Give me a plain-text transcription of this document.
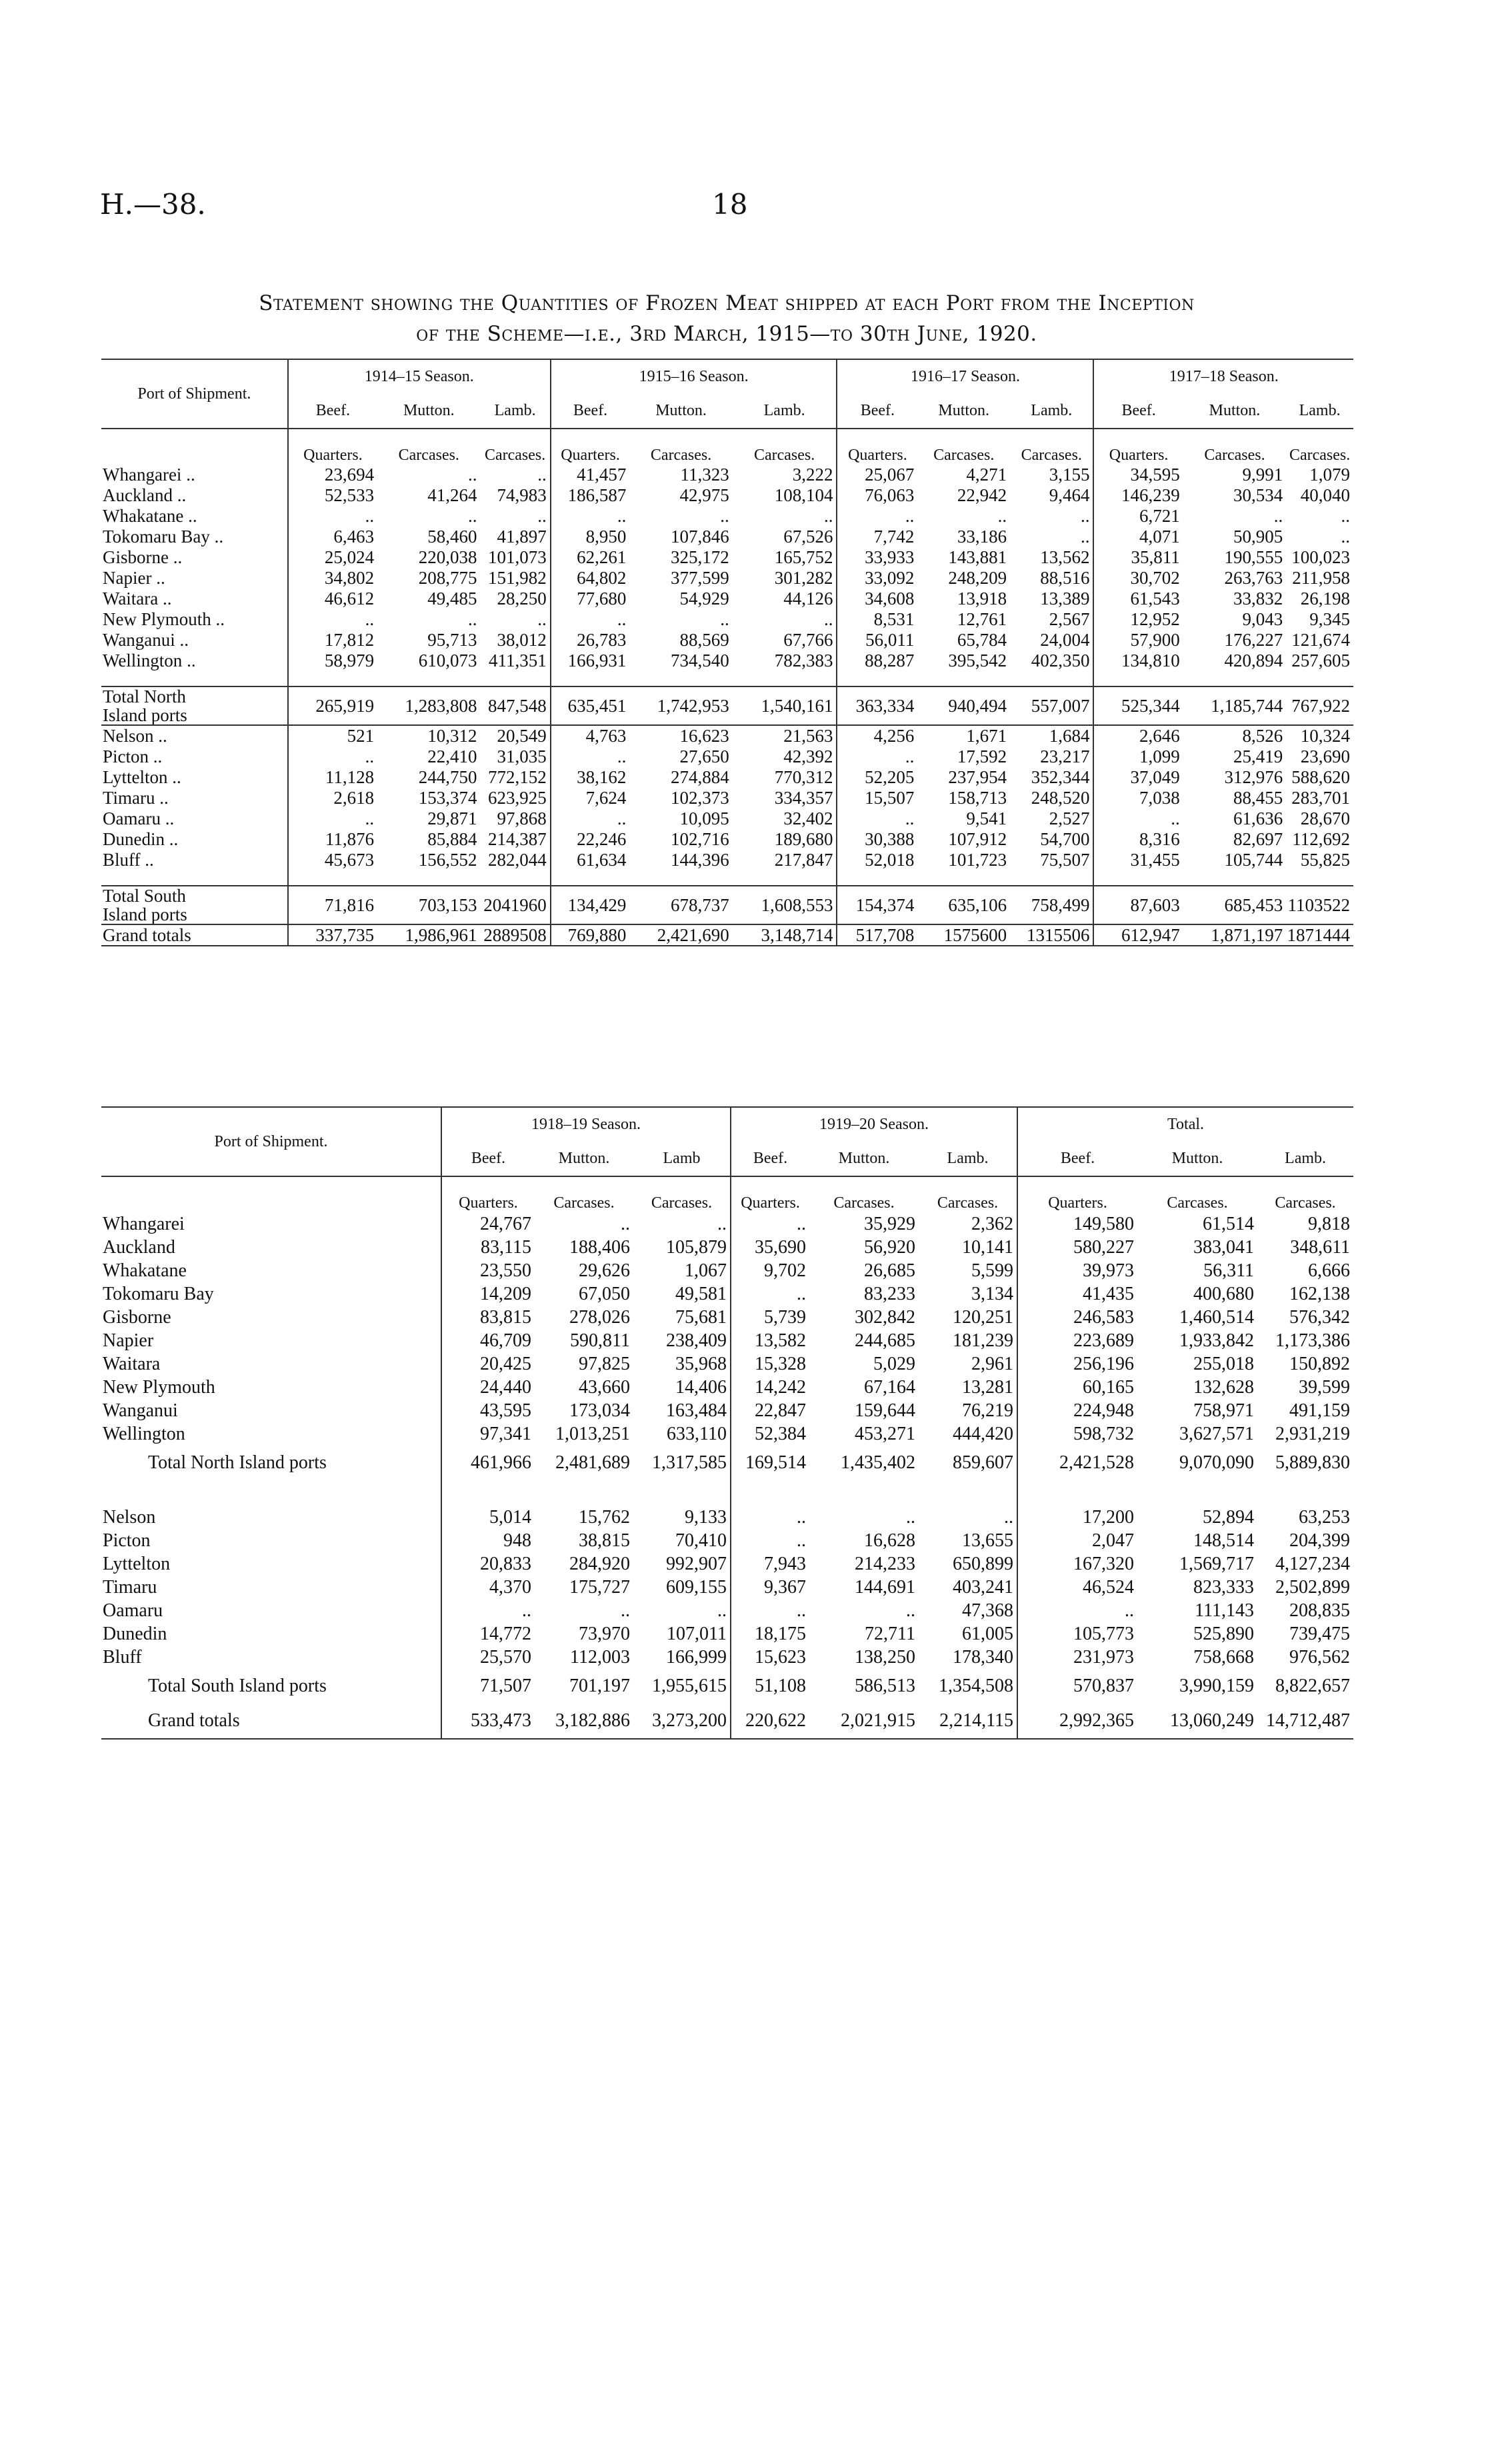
H.—38.	18
Statement showing the Quantities of Frozen Meat shipped at each Port from the Inception
of the Scheme—i.e., 3rd March, 1915—to 30th June, 1920.
Port of Shipment.	1914–15 Season.			1915–16 Season.			1916–17 Season.			1917–18 Season.		
	Beef.	Mutton.	Lamb.	Beef.	Mutton.	Lamb.	Beef.	Mutton.	Lamb.	Beef.	Mutton.	Lamb.
	Quarters.	Carcases.	Carcases.	Quarters.	Carcases.	Carcases.	Quarters.	Carcases.	Carcases.	Quarters.	Carcases.	Carcases.
Whangarei ..	23,694	..	..	41,457	11,323	3,222	25,067	4,271	3,155	34,595	9,991	1,079
Auckland ..	52,533	41,264	74,983	186,587	42,975	108,104	76,063	22,942	9,464	146,239	30,534	40,040
Whakatane ..	..	..	..	..	..	..	..	..	..	6,721	..	..
Tokomaru Bay ..	6,463	58,460	41,897	8,950	107,846	67,526	7,742	33,186	..	4,071	50,905	..
Gisborne ..	25,024	220,038	101,073	62,261	325,172	165,752	33,933	143,881	13,562	35,811	190,555	100,023
Napier ..	34,802	208,775	151,982	64,802	377,599	301,282	33,092	248,209	88,516	30,702	263,763	211,958
Waitara ..	46,612	49,485	28,250	77,680	54,929	44,126	34,608	13,918	13,389	61,543	33,832	26,198
New Plymouth ..	..	..	..	..	..	..	8,531	12,761	2,567	12,952	9,043	9,345
Wanganui ..	17,812	95,713	38,012	26,783	88,569	67,766	56,011	65,784	24,004	57,900	176,227	121,674
Wellington ..	58,979	610,073	411,351	166,931	734,540	782,383	88,287	395,542	402,350	134,810	420,894	257,605

Total North
Island ports	265,919	1,283,808	847,548	635,451	1,742,953	1,540,161	363,334	940,494	557,007	525,344	1,185,744	767,922
Nelson ..	521	10,312	20,549	4,763	16,623	21,563	4,256	1,671	1,684	2,646	8,526	10,324
Picton ..	..	22,410	31,035	..	27,650	42,392	..	17,592	23,217	1,099	25,419	23,690
Lyttelton ..	11,128	244,750	772,152	38,162	274,884	770,312	52,205	237,954	352,344	37,049	312,976	588,620
Timaru ..	2,618	153,374	623,925	7,624	102,373	334,357	15,507	158,713	248,520	7,038	88,455	283,701
Oamaru ..	..	29,871	97,868	..	10,095	32,402	..	9,541	2,527	..	61,636	28,670
Dunedin ..	11,876	85,884	214,387	22,246	102,716	189,680	30,388	107,912	54,700	8,316	82,697	112,692
Bluff ..	45,673	156,552	282,044	61,634	144,396	217,847	52,018	101,723	75,507	31,455	105,744	55,825

Total South
Island ports	71,816	703,153	2041960	134,429	678,737	1,608,553	154,374	635,106	758,499	87,603	685,453	1103522
Grand totals	337,735	1,986,961	2889508	769,880	2,421,690	3,148,714	517,708	1575600	1315506	612,947	1,871,197	1871444
Port of Shipment.	1918–19 Season.			1919–20 Season.			Total.		
	Beef.	Mutton.	Lamb	Beef.	Mutton.	Lamb.	Beef.	Mutton.	Lamb.
	Quarters.	Carcases.	Carcases.	Quarters.	Carcases.	Carcases.	Quarters.	Carcases.	Carcases.
Whangarei	24,767	..	..	..	35,929	2,362	149,580	61,514	9,818
Auckland	83,115	188,406	105,879	35,690	56,920	10,141	580,227	383,041	348,611
Whakatane	23,550	29,626	1,067	9,702	26,685	5,599	39,973	56,311	6,666
Tokomaru Bay	14,209	67,050	49,581	..	83,233	3,134	41,435	400,680	162,138
Gisborne	83,815	278,026	75,681	5,739	302,842	120,251	246,583	1,460,514	576,342
Napier	46,709	590,811	238,409	13,582	244,685	181,239	223,689	1,933,842	1,173,386
Waitara	20,425	97,825	35,968	15,328	5,029	2,961	256,196	255,018	150,892
New Plymouth	24,440	43,660	14,406	14,242	67,164	13,281	60,165	132,628	39,599
Wanganui	43,595	173,034	163,484	22,847	159,644	76,219	224,948	758,971	491,159
Wellington	97,341	1,013,251	633,110	52,384	453,271	444,420	598,732	3,627,571	2,931,219
Total North Island ports	461,966	2,481,689	1,317,585	169,514	1,435,402	859,607	2,421,528	9,070,090	5,889,830

Nelson	5,014	15,762	9,133	..	..	..	17,200	52,894	63,253
Picton	948	38,815	70,410	..	16,628	13,655	2,047	148,514	204,399
Lyttelton	20,833	284,920	992,907	7,943	214,233	650,899	167,320	1,569,717	4,127,234
Timaru	4,370	175,727	609,155	9,367	144,691	403,241	46,524	823,333	2,502,899
Oamaru	..	..	..	..	..	47,368	..	111,143	208,835
Dunedin	14,772	73,970	107,011	18,175	72,711	61,005	105,773	525,890	739,475
Bluff	25,570	112,003	166,999	15,623	138,250	178,340	231,973	758,668	976,562
Total South Island ports	71,507	701,197	1,955,615	51,108	586,513	1,354,508	570,837	3,990,159	8,822,657
Grand totals	533,473	3,182,886	3,273,200	220,622	2,021,915	2,214,115	2,992,365	13,060,249	14,712,487
